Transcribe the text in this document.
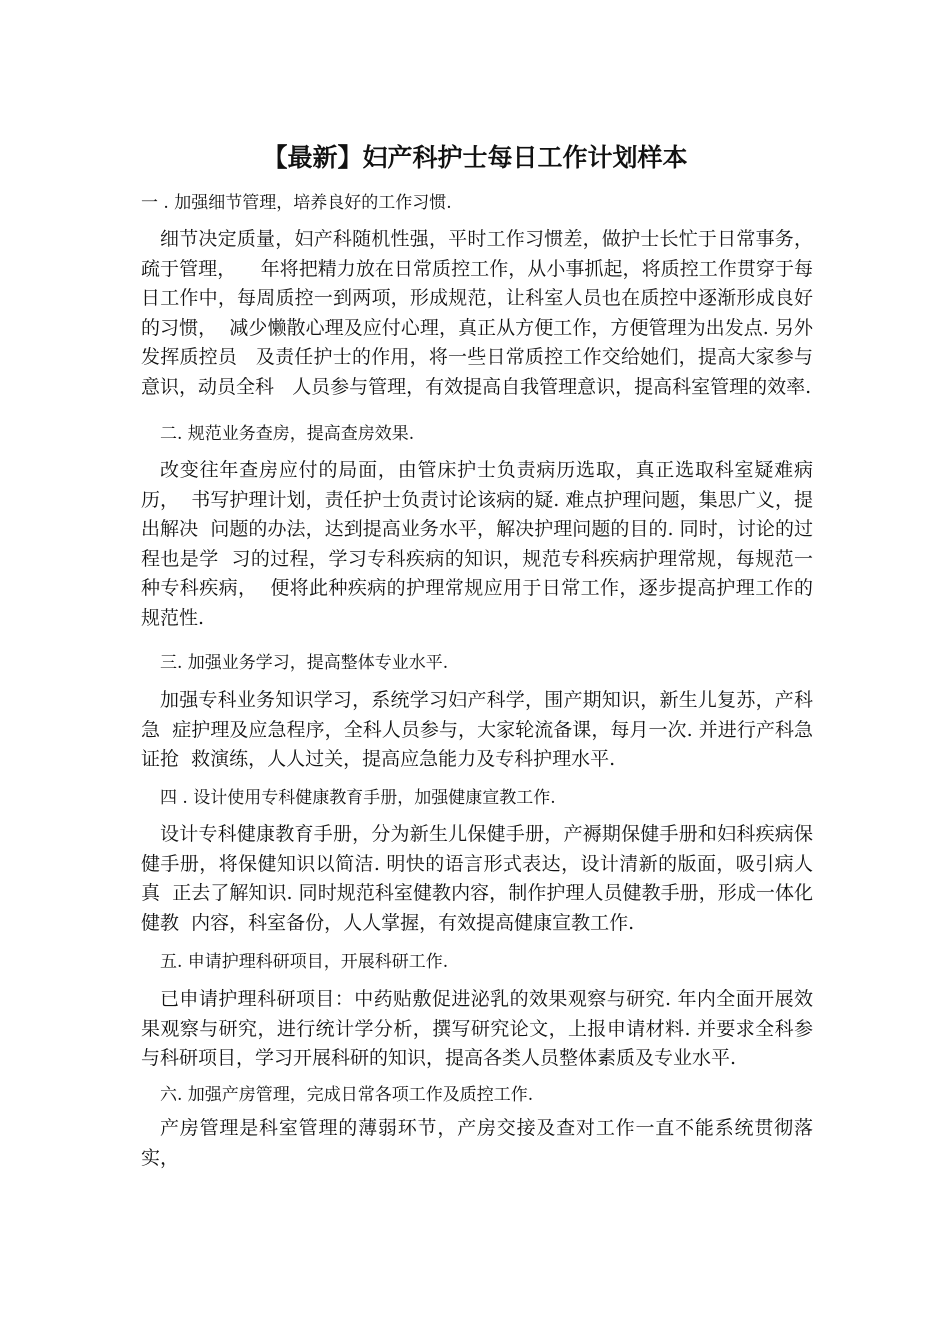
【最新】妇产科护士每日工作计划样本
一 . 加强细节管理，培养良好的工作习惯.
细节决定质量，妇产科随机性强，平时工作习惯差，做护士长忙于日常事务，疏于管理，    年将把精力放在日常质控工作，从小事抓起，将质控工作贯穿于每日工作中，每周质控一到两项，形成规范，让科室人员也在质控中逐渐形成良好的习惯，  减少懒散心理及应付心理，真正从方便工作，方便管理为出发点. 另外发挥质控员   及责任护士的作用，将一些日常质控工作交给她们，提高大家参与意识，动员全科   人员参与管理，有效提高自我管理意识，提高科室管理的效率.
二. 规范业务查房，提高查房效果.
改变往年查房应付的局面，由管床护士负责病历选取，真正选取科室疑难病历，  书写护理计划，责任护士负责讨论该病的疑. 难点护理问题，集思广义，提出解决  问题的办法，达到提高业务水平，解决护理问题的目的. 同时，讨论的过程也是学  习的过程，学习专科疾病的知识，规范专科疾病护理常规，每规范一种专科疾病，  便将此种疾病的护理常规应用于日常工作，逐步提高护理工作的规范性.
三. 加强业务学习，提高整体专业水平.
加强专科业务知识学习，系统学习妇产科学，围产期知识，新生儿复苏，产科急  症护理及应急程序，全科人员参与，大家轮流备课，每月一次. 并进行产科急证抢  救演练，人人过关，提高应急能力及专科护理水平.
四 . 设计使用专科健康教育手册，加强健康宣教工作.
设计专科健康教育手册，分为新生儿保健手册，产褥期保健手册和妇科疾病保  健手册，将保健知识以简洁. 明快的语言形式表达，设计清新的版面，吸引病人真  正去了解知识. 同时规范科室健教内容，制作护理人员健教手册，形成一体化健教  内容，科室备份，人人掌握，有效提高健康宣教工作.
五. 申请护理科研项目，开展科研工作.
已申请护理科研项目：中药贴敷促进泌乳的效果观察与研究. 年内全面开展效果观察与研究，进行统计学分析，撰写研究论文，上报申请材料. 并要求全科参与科研项目，学习开展科研的知识，提高各类人员整体素质及专业水平.
六. 加强产房管理，完成日常各项工作及质控工作.
产房管理是科室管理的薄弱环节，产房交接及查对工作一直不能系统贯彻落实，
